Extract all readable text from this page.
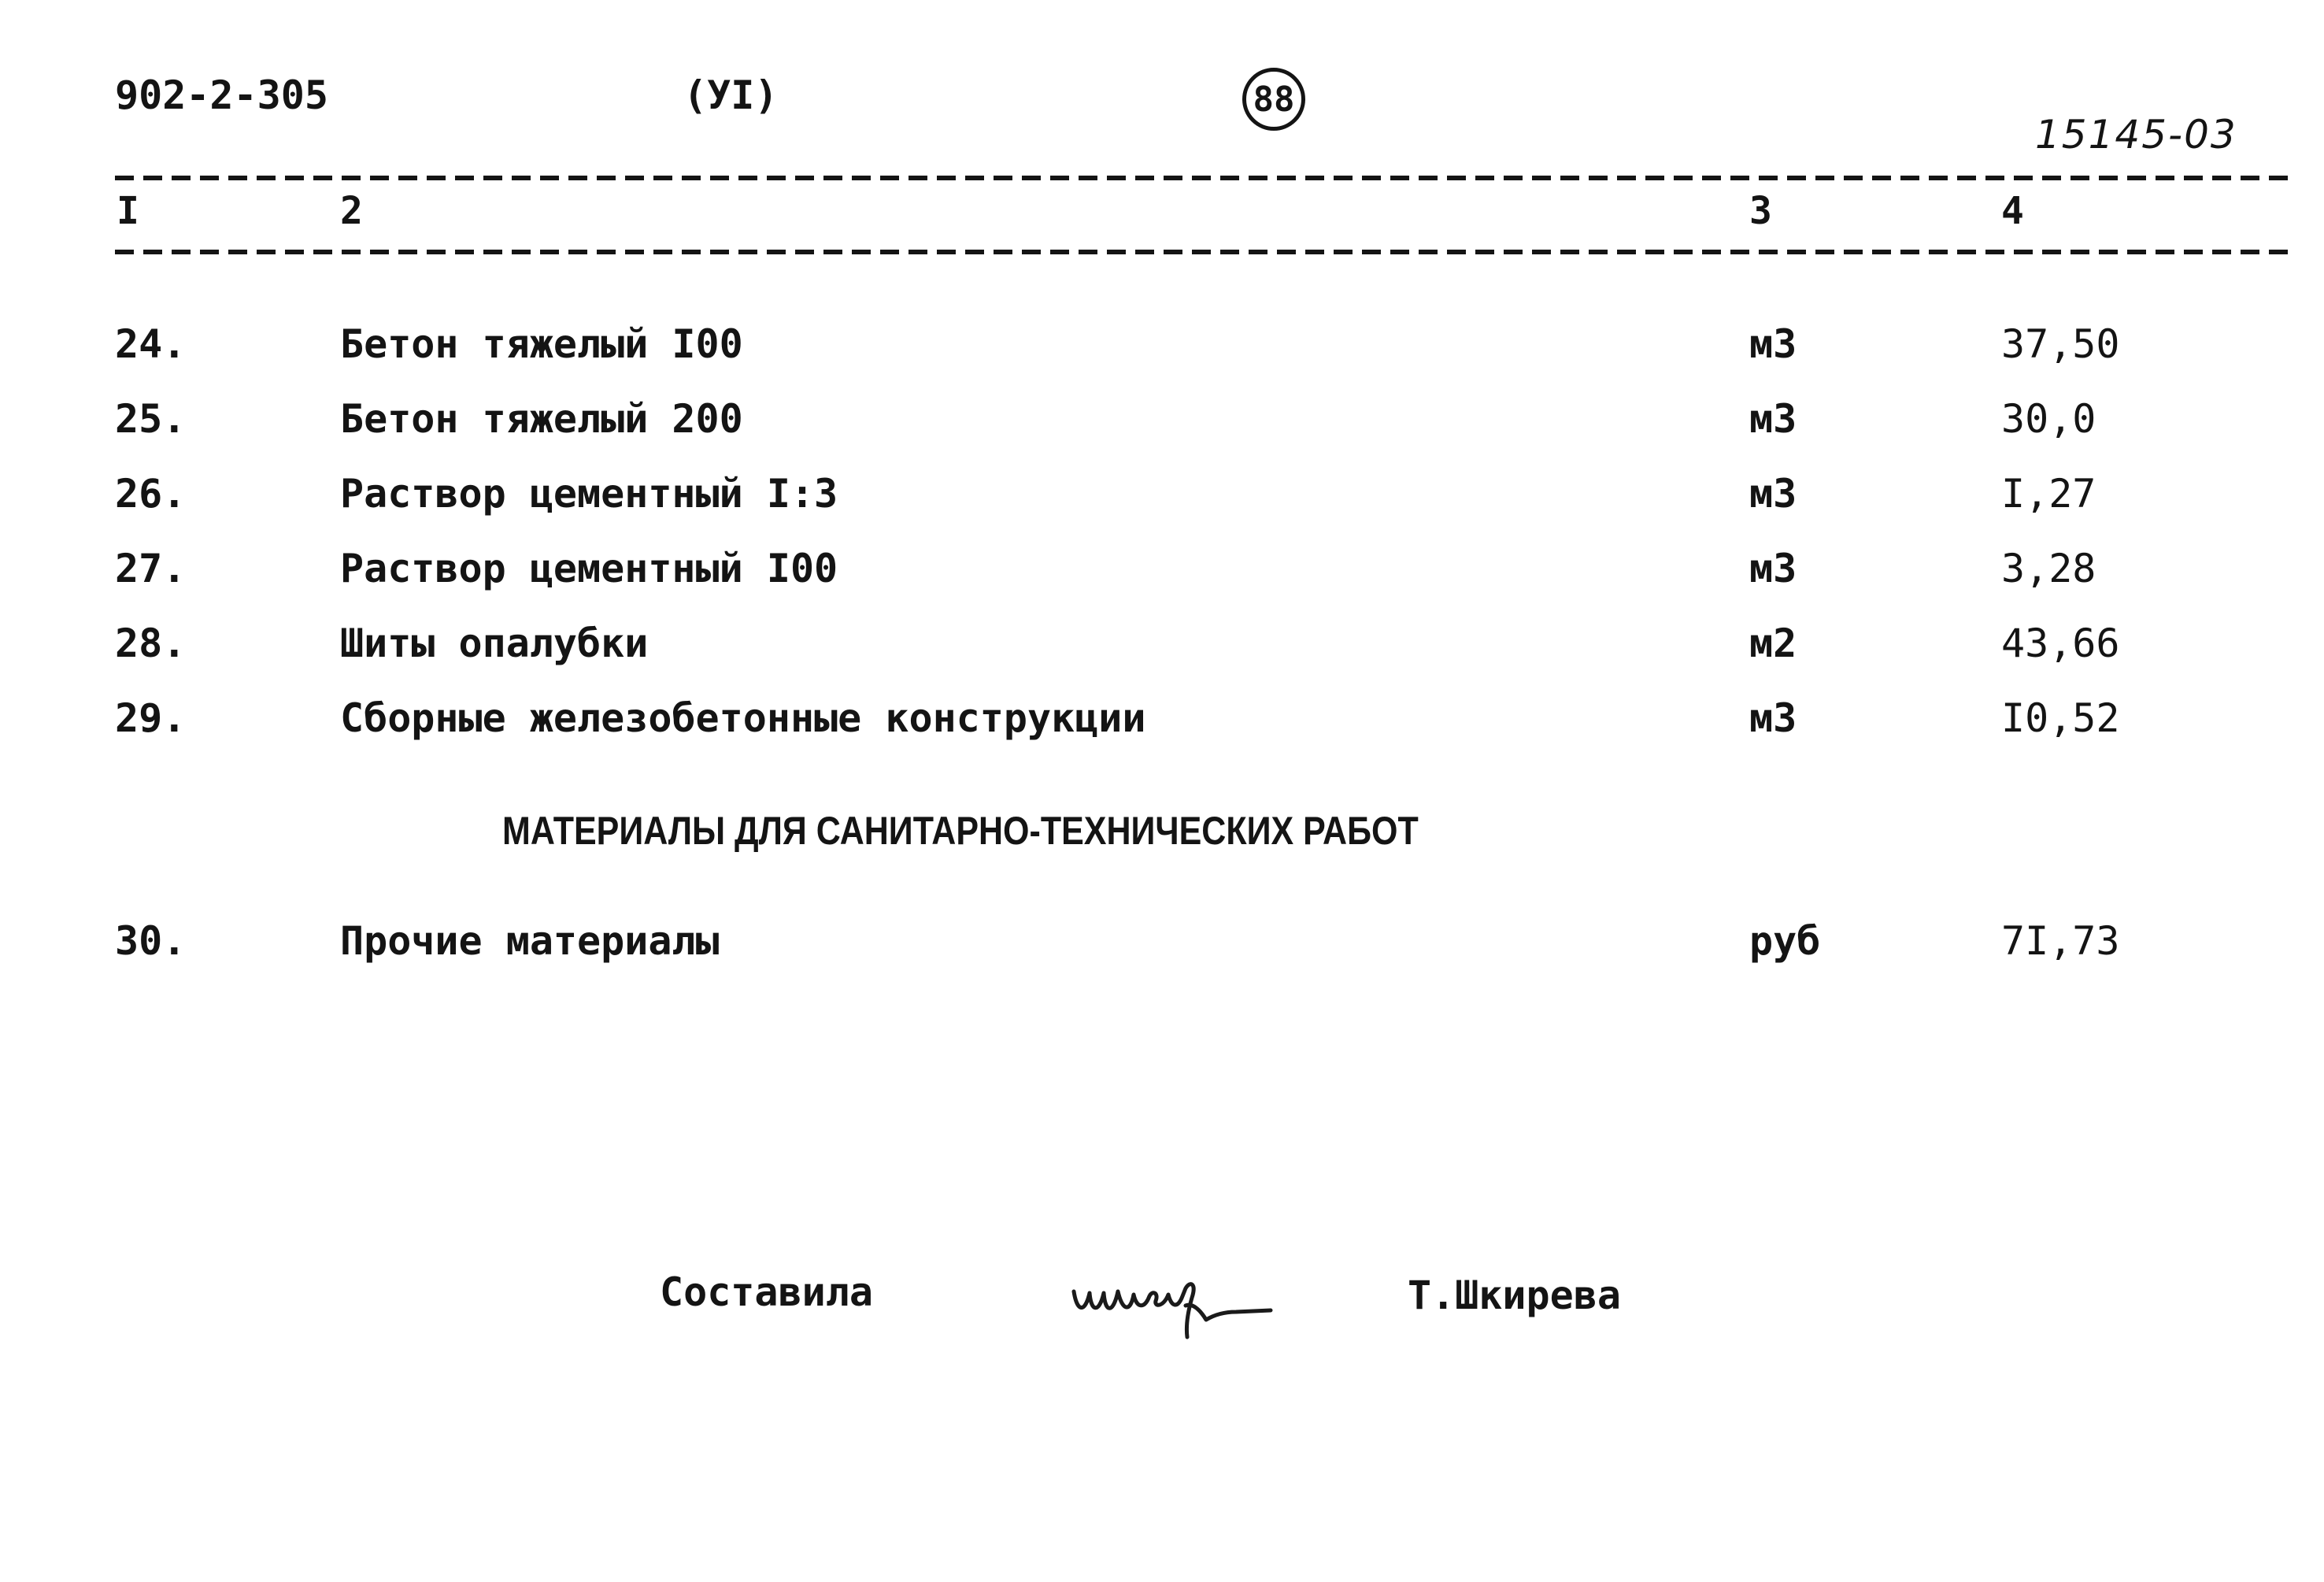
902-2-305	(УI)	88
15145-03
I	2	3	4
24.	Бетон тяжелый I00	м3	37,50
25.	Бетон тяжелый 200	м3	30,0
26.	Раствор цементный I:3	м3	I,27
27.	Раствор цементный I00	м3	3,28
28.	Шиты опалубки	м2	43,66
29.	Сборные железобетонные конструкции	м3	I0,52
МАТЕРИАЛЫ ДЛЯ САНИТАРНО-ТЕХНИЧЕСКИХ РАБОТ
30.	Прочие материалы	руб	7I,73
Составила	Т.Шкирева
